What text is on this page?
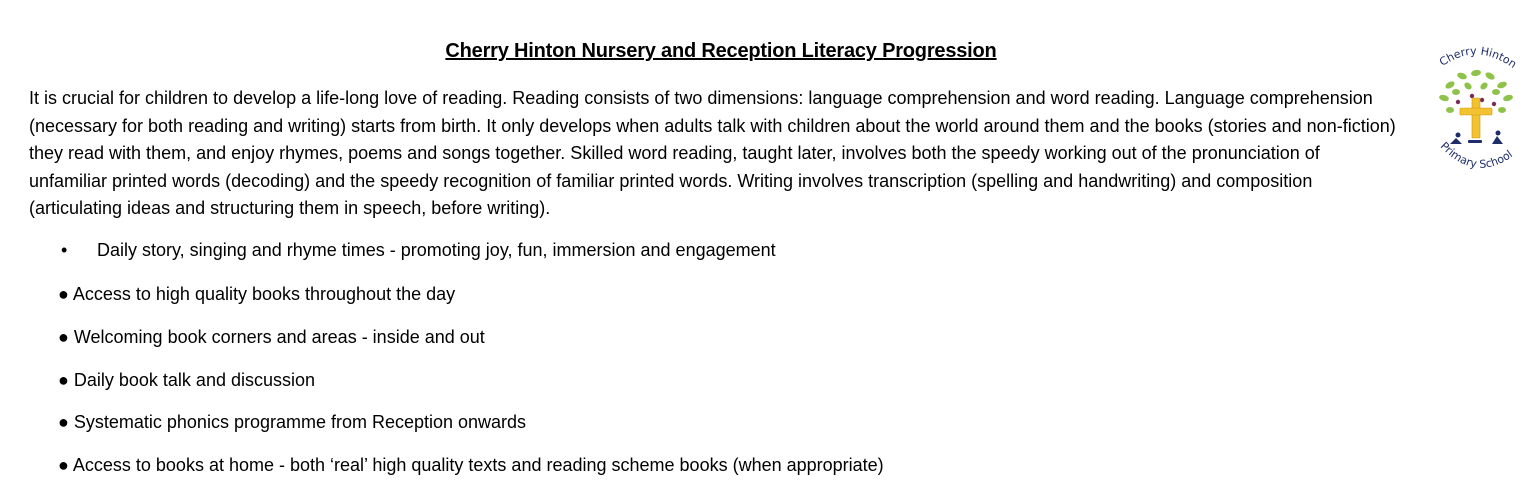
Cherry Hinton Nursery and Reception Literacy Progression

It is crucial for children to develop a life-long love of reading. Reading consists of two dimensions: language comprehension and word reading. Language comprehension (necessary for both reading and writing) starts from birth. It only develops when adults talk with children about the world around them and the books (stories and non-fiction) they read with them, and enjoy rhymes, poems and songs together. Skilled word reading, taught later, involves both the speedy working out of the pronunciation of unfamiliar printed words (decoding) and the speedy recognition of familiar printed words. Writing involves transcription (spelling and handwriting) and composition (articulating ideas and structuring them in speech, before writing).

• Daily story, singing and rhyme times - promoting joy, fun, immersion and engagement
● Access to high quality books throughout the day
● Welcoming book corners and areas - inside and out
● Daily book talk and discussion
● Systematic phonics programme from Reception onwards
● Access to books at home - both ‘real’ high quality texts and reading scheme books (when appropriate)
Cherry Hinton
Primary School
